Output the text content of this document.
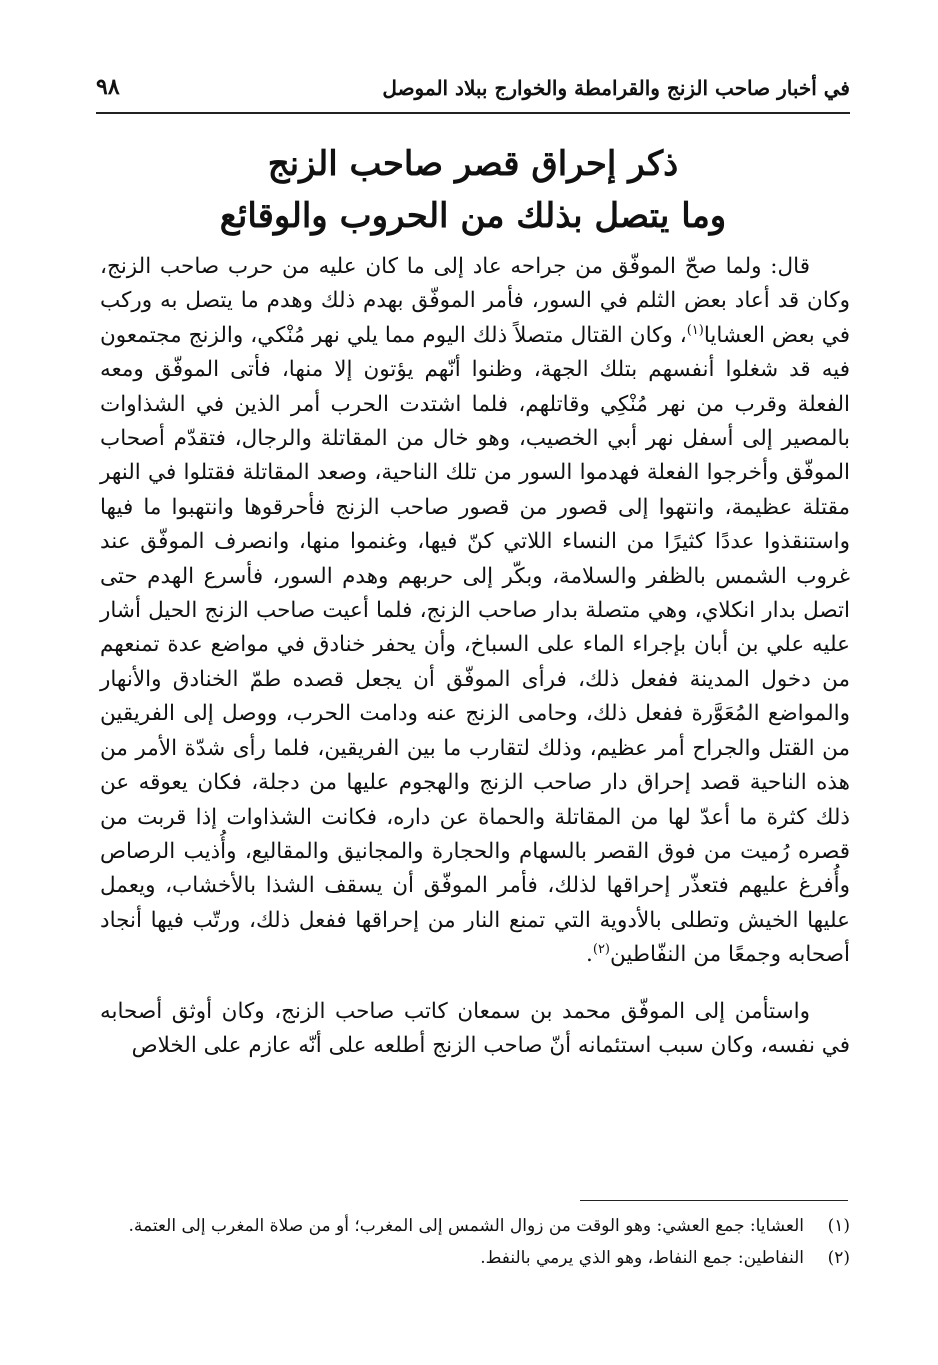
في أخبار صاحب الزنج والقرامطة والخوارج ببلاد الموصل
٩٨
ذكر إحراق قصر صاحب الزنج
وما يتصل بذلك من الحروب والوقائع

قال: ولما صحّ الموفّق من جراحه عاد إلى ما كان عليه من حرب صاحب الزنج، وكان قد أعاد بعض الثلم في السور، فأمر الموفّق بهدم ذلك وهدم ما يتصل به وركب في بعض العشايا$^{(١)}$، وكان القتال متصلاً ذلك اليوم مما يلي نهر مُنْكي، والزنج مجتمعون فيه قد شغلوا أنفسهم بتلك الجهة، وظنوا أنّهم يؤتون إلا منها، فأتى الموفّق ومعه الفعلة وقرب من نهر مُنْكِي وقاتلهم، فلما اشتدت الحرب أمر الذين في الشذاوات بالمصير إلى أسفل نهر أبي الخصيب، وهو خال من المقاتلة والرجال، فتقدّم أصحاب الموفّق وأخرجوا الفعلة فهدموا السور من تلك الناحية، وصعد المقاتلة فقتلوا في النهر مقتلة عظيمة، وانتهوا إلى قصور من قصور صاحب الزنج فأحرقوها وانتهبوا ما فيها واستنقذوا عددًا كثيرًا من النساء اللاتي كنّ فيها، وغنموا منها، وانصرف الموفّق عند غروب الشمس بالظفر والسلامة، وبكّر إلى حربهم وهدم السور، فأسرع الهدم حتى اتصل بدار انكلاي، وهي متصلة بدار صاحب الزنج، فلما أعيت صاحب الزنج الحيل أشار عليه علي بن أبان بإجراء الماء على السباخ، وأن يحفر خنادق في مواضع عدة تمنعهم من دخول المدينة ففعل ذلك، فرأى الموفّق أن يجعل قصده طمّ الخنادق والأنهار والمواضع المُعَوَّرة ففعل ذلك، وحامى الزنج عنه ودامت الحرب، ووصل إلى الفريقين من القتل والجراح أمر عظيم، وذلك لتقارب ما بين الفريقين، فلما رأى شدّة الأمر من هذه الناحية قصد إحراق دار صاحب الزنج والهجوم عليها من دجلة، فكان يعوقه عن ذلك كثرة ما أعدّ لها من المقاتلة والحماة عن داره، فكانت الشذاوات إذا قربت من قصره رُميت من فوق القصر بالسهام والحجارة والمجانيق والمقاليع، وأُذيب الرصاص وأُفرغ عليهم فتعذّر إحراقها لذلك، فأمر الموفّق أن يسقف الشذا بالأخشاب، ويعمل عليها الخيش وتطلى بالأدوية التي تمنع النار من إحراقها ففعل ذلك، ورتّب فيها أنجاد أصحابه وجمعًا من النفّاطين$^{(٢)}$.

واستأمن إلى الموفّق محمد بن سمعان كاتب صاحب الزنج، وكان أوثق أصحابه في نفسه، وكان سبب استئمانه أنّ صاحب الزنج أطلعه على أنّه عازم على الخلاص

(١)
العشايا: جمع العشي: وهو الوقت من زوال الشمس إلى المغرب؛ أو من صلاة المغرب إلى العتمة.
(٢)
النفاطين: جمع النفاط، وهو الذي يرمي بالنفط.
